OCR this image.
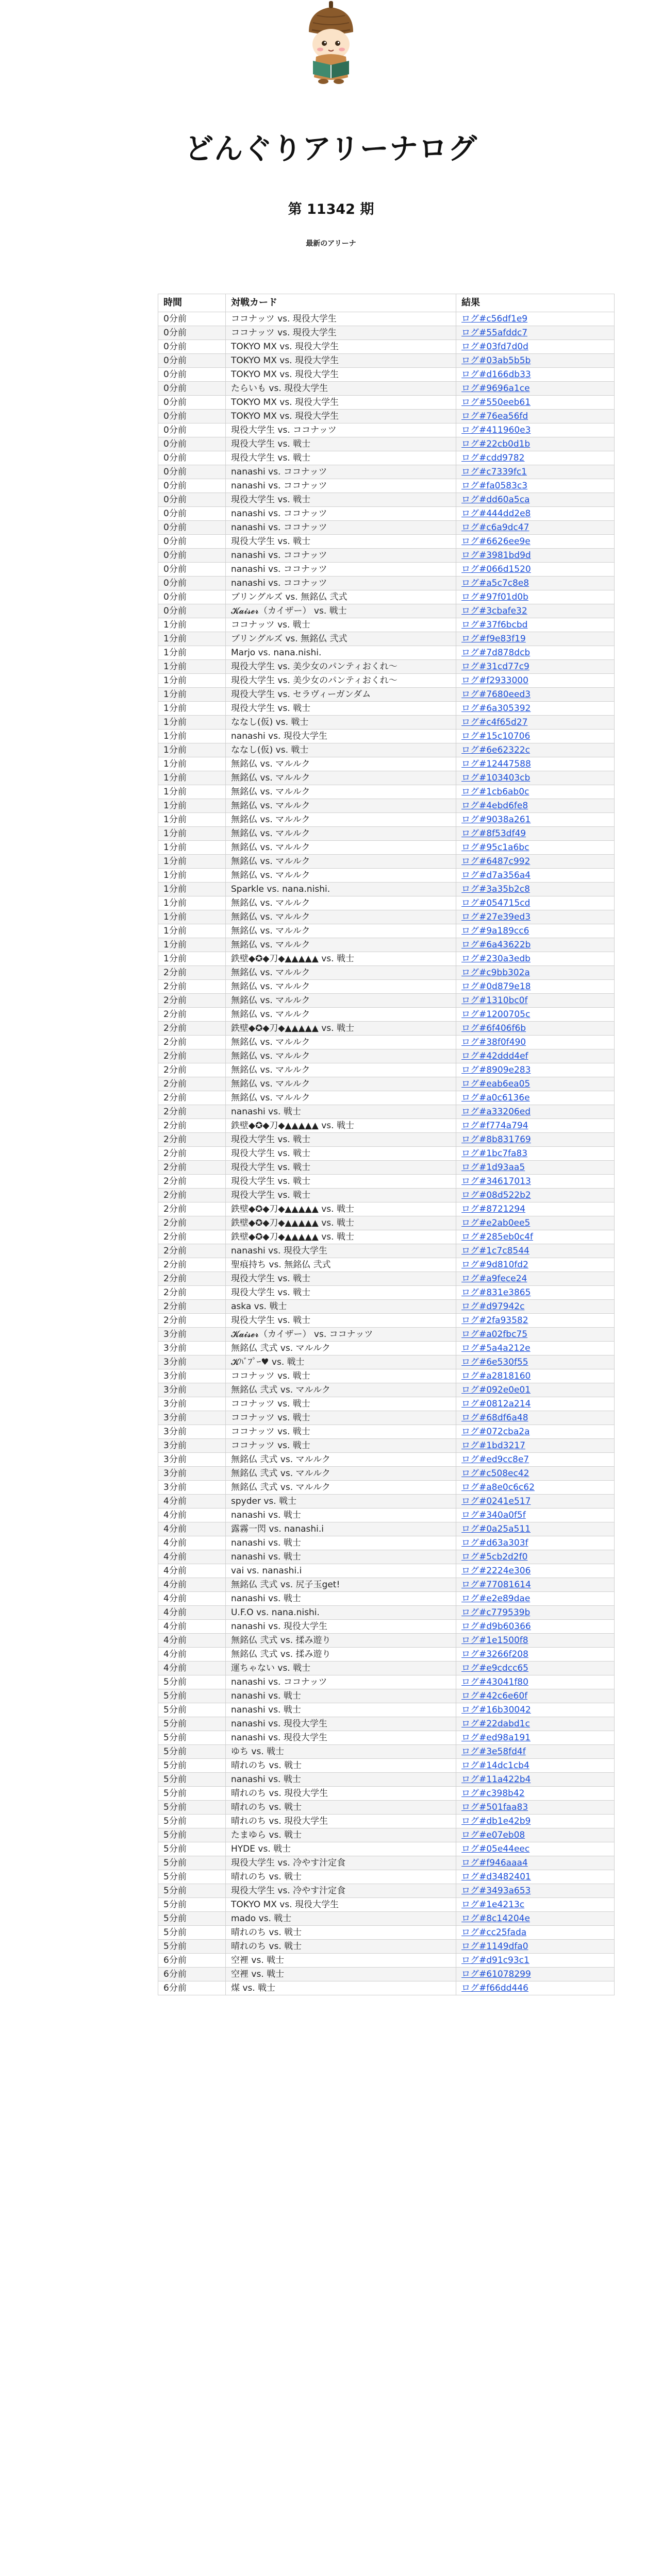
どんぐりアリーナログ
第 11342 期
最新のアリーナ
時間	対戦カード	結果
0分前	ココナッツ vs. 現役大学生	ログ#c56df1e9
0分前	ココナッツ vs. 現役大学生	ログ#55afddc7
0分前	TOKYO MX vs. 現役大学生	ログ#03fd7d0d
0分前	TOKYO MX vs. 現役大学生	ログ#03ab5b5b
0分前	TOKYO MX vs. 現役大学生	ログ#d166db33
0分前	たらいも vs. 現役大学生	ログ#9696a1ce
0分前	TOKYO MX vs. 現役大学生	ログ#550eeb61
0分前	TOKYO MX vs. 現役大学生	ログ#76ea56fd
0分前	現役大学生 vs. ココナッツ	ログ#411960e3
0分前	現役大学生 vs. 戦士	ログ#22cb0d1b
0分前	現役大学生 vs. 戦士	ログ#cdd9782
0分前	nanashi vs. ココナッツ	ログ#c7339fc1
0分前	nanashi vs. ココナッツ	ログ#fa0583c3
0分前	現役大学生 vs. 戦士	ログ#dd60a5ca
0分前	nanashi vs. ココナッツ	ログ#444dd2e8
0分前	nanashi vs. ココナッツ	ログ#c6a9dc47
0分前	現役大学生 vs. 戦士	ログ#6626ee9e
0分前	nanashi vs. ココナッツ	ログ#3981bd9d
0分前	nanashi vs. ココナッツ	ログ#066d1520
0分前	nanashi vs. ココナッツ	ログ#a5c7c8e8
0分前	ブリングルズ vs. 無銘仏 弐式	ログ#97f01d0b
0分前	𝓚𝓪𝓲𝓼𝓮𝓻（カイザー） vs. 戦士	ログ#3cbafe32
1分前	ココナッツ vs. 戦士	ログ#37f6bcbd
1分前	ブリングルズ vs. 無銘仏 弐式	ログ#f9e83f19
1分前	Marjo vs. nana.nishi.	ログ#7d878dcb
1分前	現役大学生 vs. 美少女のパンティおくれ〜	ログ#31cd77c9
1分前	現役大学生 vs. 美少女のパンティおくれ〜	ログ#f2933000
1分前	現役大学生 vs. セラヴィーガンダム	ログ#7680eed3
1分前	現役大学生 vs. 戦士	ログ#6a305392
1分前	ななし(仮) vs. 戦士	ログ#c4f65d27
1分前	nanashi vs. 現役大学生	ログ#15c10706
1分前	ななし(仮) vs. 戦士	ログ#6e62322c
1分前	無銘仏 vs. マルルク	ログ#12447588
1分前	無銘仏 vs. マルルク	ログ#103403cb
1分前	無銘仏 vs. マルルク	ログ#1cb6ab0c
1分前	無銘仏 vs. マルルク	ログ#4ebd6fe8
1分前	無銘仏 vs. マルルク	ログ#9038a261
1分前	無銘仏 vs. マルルク	ログ#8f53df49
1分前	無銘仏 vs. マルルク	ログ#95c1a6bc
1分前	無銘仏 vs. マルルク	ログ#6487c992
1分前	無銘仏 vs. マルルク	ログ#d7a356a4
1分前	Sparkle vs. nana.nishi.	ログ#3a35b2c8
1分前	無銘仏 vs. マルルク	ログ#054715cd
1分前	無銘仏 vs. マルルク	ログ#27e39ed3
1分前	無銘仏 vs. マルルク	ログ#9a189cc6
1分前	無銘仏 vs. マルルク	ログ#6a43622b
1分前	鉄壁◆✪◆刀◆▲▲▲▲▲ vs. 戦士	ログ#230a3edb
2分前	無銘仏 vs. マルルク	ログ#c9bb302a
2分前	無銘仏 vs. マルルク	ログ#0d879e18
2分前	無銘仏 vs. マルルク	ログ#1310bc0f
2分前	無銘仏 vs. マルルク	ログ#1200705c
2分前	鉄壁◆✪◆刀◆▲▲▲▲▲ vs. 戦士	ログ#6f406f6b
2分前	無銘仏 vs. マルルク	ログ#38f0f490
2分前	無銘仏 vs. マルルク	ログ#42ddd4ef
2分前	無銘仏 vs. マルルク	ログ#8909e283
2分前	無銘仏 vs. マルルク	ログ#eab6ea05
2分前	無銘仏 vs. マルルク	ログ#a0c6136e
2分前	nanashi vs. 戦士	ログ#a33206ed
2分前	鉄壁◆✪◆刀◆▲▲▲▲▲ vs. 戦士	ログ#f774a794
2分前	現役大学生 vs. 戦士	ログ#8b831769
2分前	現役大学生 vs. 戦士	ログ#1bc7fa83
2分前	現役大学生 vs. 戦士	ログ#1d93aa5
2分前	現役大学生 vs. 戦士	ログ#34617013
2分前	現役大学生 vs. 戦士	ログ#08d522b2
2分前	鉄壁◆✪◆刀◆▲▲▲▲▲ vs. 戦士	ログ#8721294
2分前	鉄壁◆✪◆刀◆▲▲▲▲▲ vs. 戦士	ログ#e2ab0ee5
2分前	鉄壁◆✪◆刀◆▲▲▲▲▲ vs. 戦士	ログ#285eb0c4f
2分前	nanashi vs. 現役大学生	ログ#1c7c8544
2分前	聖痕持ち vs. 無銘仏 弐式	ログ#9d810fd2
2分前	現役大学生 vs. 戦士	ログ#a9fece24
2分前	現役大学生 vs. 戦士	ログ#831e3865
2分前	aska vs. 戦士	ログ#d97942c
2分前	現役大学生 vs. 戦士	ログ#2fa93582
3分前	𝓚𝓪𝓲𝓼𝓮𝓻（カイザー） vs. ココナッツ	ログ#a02fbc75
3分前	無銘仏 弐式 vs. マルルク	ログ#5a4a212e
3分前	𝓚ﾊﾞﾌﾟｰ♥ vs. 戦士	ログ#6e530f55
3分前	ココナッツ vs. 戦士	ログ#a2818160
3分前	無銘仏 弐式 vs. マルルク	ログ#092e0e01
3分前	ココナッツ vs. 戦士	ログ#0812a214
3分前	ココナッツ vs. 戦士	ログ#68df6a48
3分前	ココナッツ vs. 戦士	ログ#072cba2a
3分前	ココナッツ vs. 戦士	ログ#1bd3217
3分前	無銘仏 弐式 vs. マルルク	ログ#ed9cc8e7
3分前	無銘仏 弐式 vs. マルルク	ログ#c508ec42
3分前	無銘仏 弐式 vs. マルルク	ログ#a8e0c6c62
4分前	spyder vs. 戦士	ログ#0241e517
4分前	nanashi vs. 戦士	ログ#340a0f5f
4分前	露霧一閃 vs. nanashi.i	ログ#0a25a511
4分前	nanashi vs. 戦士	ログ#d63a303f
4分前	nanashi vs. 戦士	ログ#5cb2d2f0
4分前	vai vs. nanashi.i	ログ#2224e306
4分前	無銘仏 弐式 vs. 尻子玉get!	ログ#77081614
4分前	nanashi vs. 戦士	ログ#e2e89dae
4分前	U.F.O vs. nana.nishi.	ログ#c779539b
4分前	nanashi vs. 現役大学生	ログ#d9b60366
4分前	無銘仏 弐式 vs. 揉み遊り	ログ#1e1500f8
4分前	無銘仏 弐式 vs. 揉み遊り	ログ#3266f208
4分前	運ちゃない vs. 戦士	ログ#e9cdcc65
5分前	nanashi vs. ココナッツ	ログ#43041f80
5分前	nanashi vs. 戦士	ログ#42c6e60f
5分前	nanashi vs. 戦士	ログ#16b30042
5分前	nanashi vs. 現役大学生	ログ#22dabd1c
5分前	nanashi vs. 現役大学生	ログ#ed98a191
5分前	ゆち vs. 戦士	ログ#3e58fd4f
5分前	晴れのち vs. 戦士	ログ#14dc1cb4
5分前	nanashi vs. 戦士	ログ#11a422b4
5分前	晴れのち vs. 現役大学生	ログ#c398b42
5分前	晴れのち vs. 戦士	ログ#501faa83
5分前	晴れのち vs. 現役大学生	ログ#db1e42b9
5分前	たまゆら vs. 戦士	ログ#e07eb08
5分前	HYDE vs. 戦士	ログ#05e44eec
5分前	現役大学生 vs. 冷やす汁定食	ログ#f946aaa4
5分前	晴れのち vs. 戦士	ログ#d3482401
5分前	現役大学生 vs. 冷やす汁定食	ログ#3493a653
5分前	TOKYO MX vs. 現役大学生	ログ#1e4213c
5分前	mado vs. 戦士	ログ#8c14204e
5分前	晴れのち vs. 戦士	ログ#cc25fada
5分前	晴れのち vs. 戦士	ログ#1149dfa0
6分前	空裡 vs. 戦士	ログ#d91c93c1
6分前	空裡 vs. 戦士	ログ#61078299
6分前	煤 vs. 戦士	ログ#f66dd446
